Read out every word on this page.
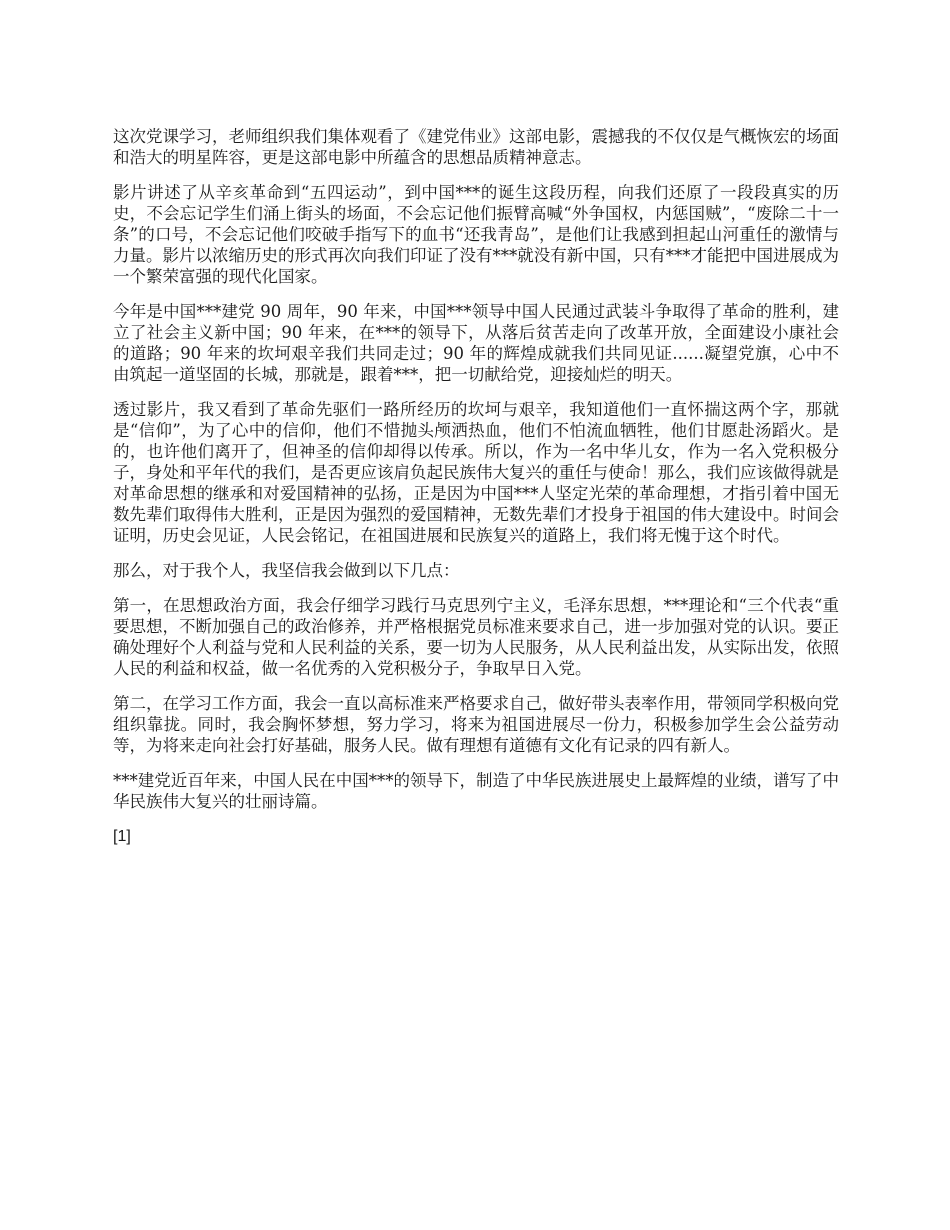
这次党课学习，老师组织我们集体观看了《建党伟业》这部电影，震撼我的不仅仅是气概恢宏的场面和浩大的明星阵容，更是这部电影中所蕴含的思想品质精神意志。

影片讲述了从辛亥革命到“五四运动”，到中国***的诞生这段历程，向我们还原了一段段真实的历史，不会忘记学生们涌上街头的场面，不会忘记他们振臂高喊“外争国权，内惩国贼”，“废除二十一条”的口号，不会忘记他们咬破手指写下的血书“还我青岛”，是他们让我感到担起山河重任的激情与力量。影片以浓缩历史的形式再次向我们印证了没有***就没有新中国，只有***才能把中国进展成为一个繁荣富强的现代化国家。

今年是中国***建党 90 周年，90 年来，中国***领导中国人民通过武装斗争取得了革命的胜利，建立了社会主义新中国；90 年来，在***的领导下，从落后贫苦走向了改革开放，全面建设小康社会的道路；90 年来的坎坷艰辛我们共同走过；90 年的辉煌成就我们共同见证......凝望党旗，心中不由筑起一道坚固的长城，那就是，跟着***，把一切献给党，迎接灿烂的明天。

透过影片，我又看到了革命先驱们一路所经历的坎坷与艰辛，我知道他们一直怀揣这两个字，那就是“信仰”，为了心中的信仰，他们不惜抛头颅洒热血，他们不怕流血牺牲，他们甘愿赴汤蹈火。是的，也许他们离开了，但神圣的信仰却得以传承。所以，作为一名中华儿女，作为一名入党积极分子，身处和平年代的我们，是否更应该肩负起民族伟大复兴的重任与使命！那么，我们应该做得就是对革命思想的继承和对爱国精神的弘扬，正是因为中国***人坚定光荣的革命理想，才指引着中国无数先辈们取得伟大胜利，正是因为强烈的爱国精神，无数先辈们才投身于祖国的伟大建设中。时间会证明，历史会见证，人民会铭记，在祖国进展和民族复兴的道路上，我们将无愧于这个时代。

那么，对于我个人，我坚信我会做到以下几点：

第一，在思想政治方面，我会仔细学习践行马克思列宁主义，毛泽东思想，***理论和“三个代表“重要思想，不断加强自己的政治修养，并严格根据党员标准来要求自己，进一步加强对党的认识。要正确处理好个人利益与党和人民利益的关系，要一切为人民服务，从人民利益出发，从实际出发，依照人民的利益和权益，做一名优秀的入党积极分子，争取早日入党。

第二，在学习工作方面，我会一直以高标准来严格要求自己，做好带头表率作用，带领同学积极向党组织靠拢。同时，我会胸怀梦想，努力学习，将来为祖国进展尽一份力，积极参加学生会公益劳动等，为将来走向社会打好基础，服务人民。做有理想有道德有文化有记录的四有新人。

***建党近百年来，中国人民在中国***的领导下，制造了中华民族进展史上最辉煌的业绩，谱写了中华民族伟大复兴的壮丽诗篇。

[1]
